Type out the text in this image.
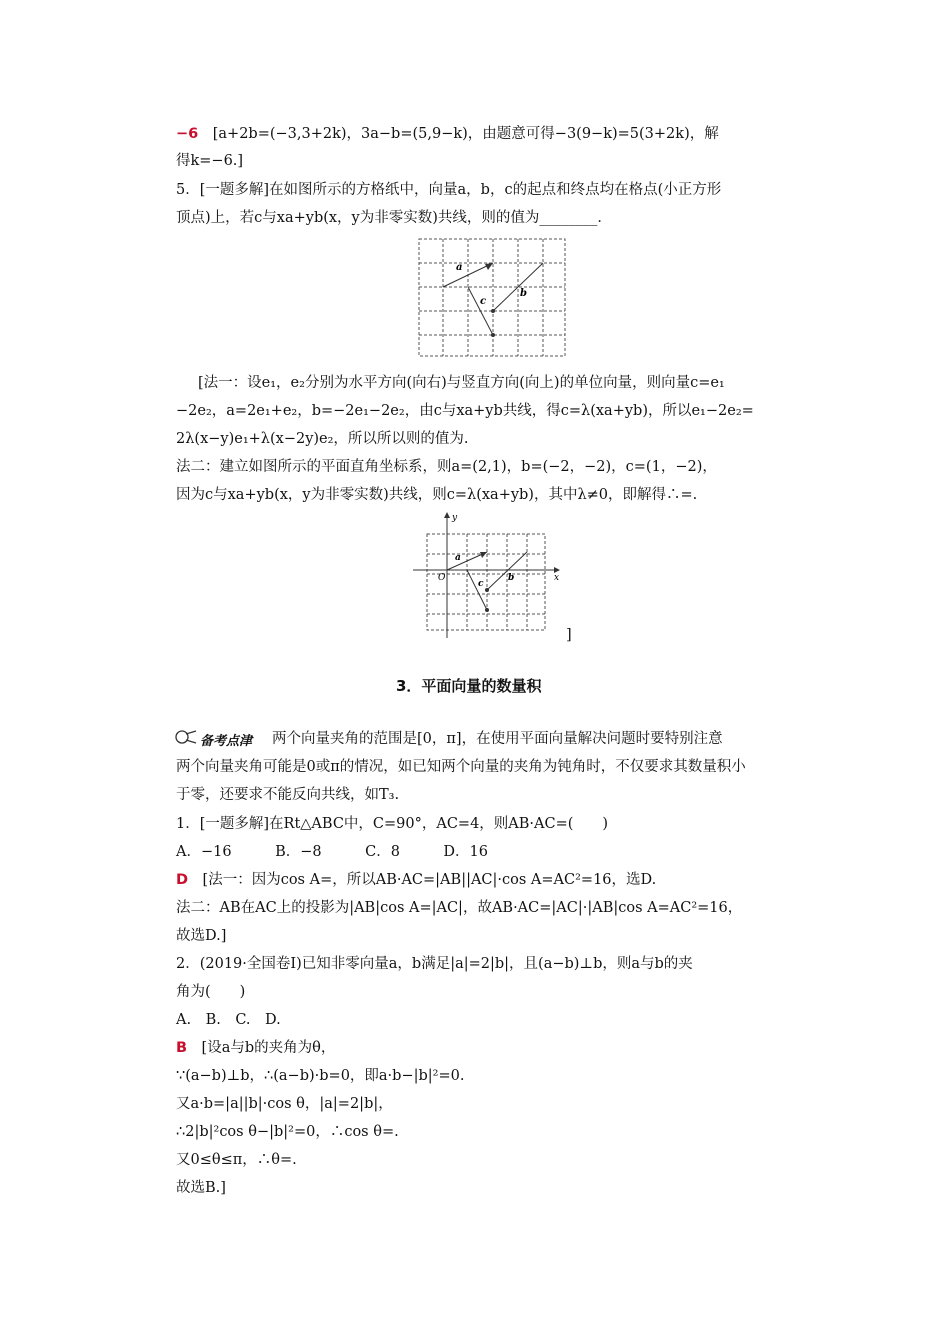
−6　[a+2b=(−3,3+2k)，3a−b=(5,9−k)，由题意可得−3(9−k)=5(3+2k)，解
得k=−6.]
5．[一题多解]在如图所示的方格纸中，向量a，b，c的起点和终点均在格点(小正方形
顶点)上，若c与xa+yb(x，y为非零实数)共线，则的值为________．
a
b
c
[法一：设e₁，e₂分别为水平方向(向右)与竖直方向(向上)的单位向量，则向量c=e₁
−2e₂，a=2e₁+e₂，b=−2e₁−2e₂，由c与xa+yb共线，得c=λ(xa+yb)，所以e₁−2e₂=
2λ(x−y)e₁+λ(x−2y)e₂，所以所以则的值为.
法二：建立如图所示的平面直角坐标系，则a=(2,1)，b=(−2，−2)，c=(1，−2)，
因为c与xa+yb(x，y为非零实数)共线，则c=λ(xa+yb)，其中λ≠0，即解得∴=.
a
b
c
O	x
y
]
3．平面向量的数量积
备考点津 两个向量夹角的范围是[0，π]，在使用平面向量解决问题时要特别注意
两个向量夹角可能是0或π的情况，如已知两个向量的夹角为钝角时，不仅要求其数量积小
于零，还要求不能反向共线，如T₃.
1．[一题多解]在Rt△ABC中，C=90°，AC=4，则AB·AC=(　　)
A．−16　　　B．−8　　　C．8　　　D．16
D　[法一：因为cos A=，所以AB·AC=|AB||AC|·cos A=AC²=16，选D.
法二：AB在AC上的投影为|AB|cos A=|AC|，故AB·AC=|AC|·|AB|cos A=AC²=16，
故选D.]
2．(2019·全国卷Ⅰ)已知非零向量a，b满足|a|=2|b|，且(a−b)⊥b，则a与b的夹
角为(　　)
A.　B.　C.　D.
B　[设a与b的夹角为θ，
∵(a−b)⊥b，∴(a−b)·b=0，即a·b−|b|²=0.
又a·b=|a||b|·cos θ，|a|=2|b|，
∴2|b|²cos θ−|b|²=0，∴cos θ=.
又0≤θ≤π，∴θ=.
故选B.]
